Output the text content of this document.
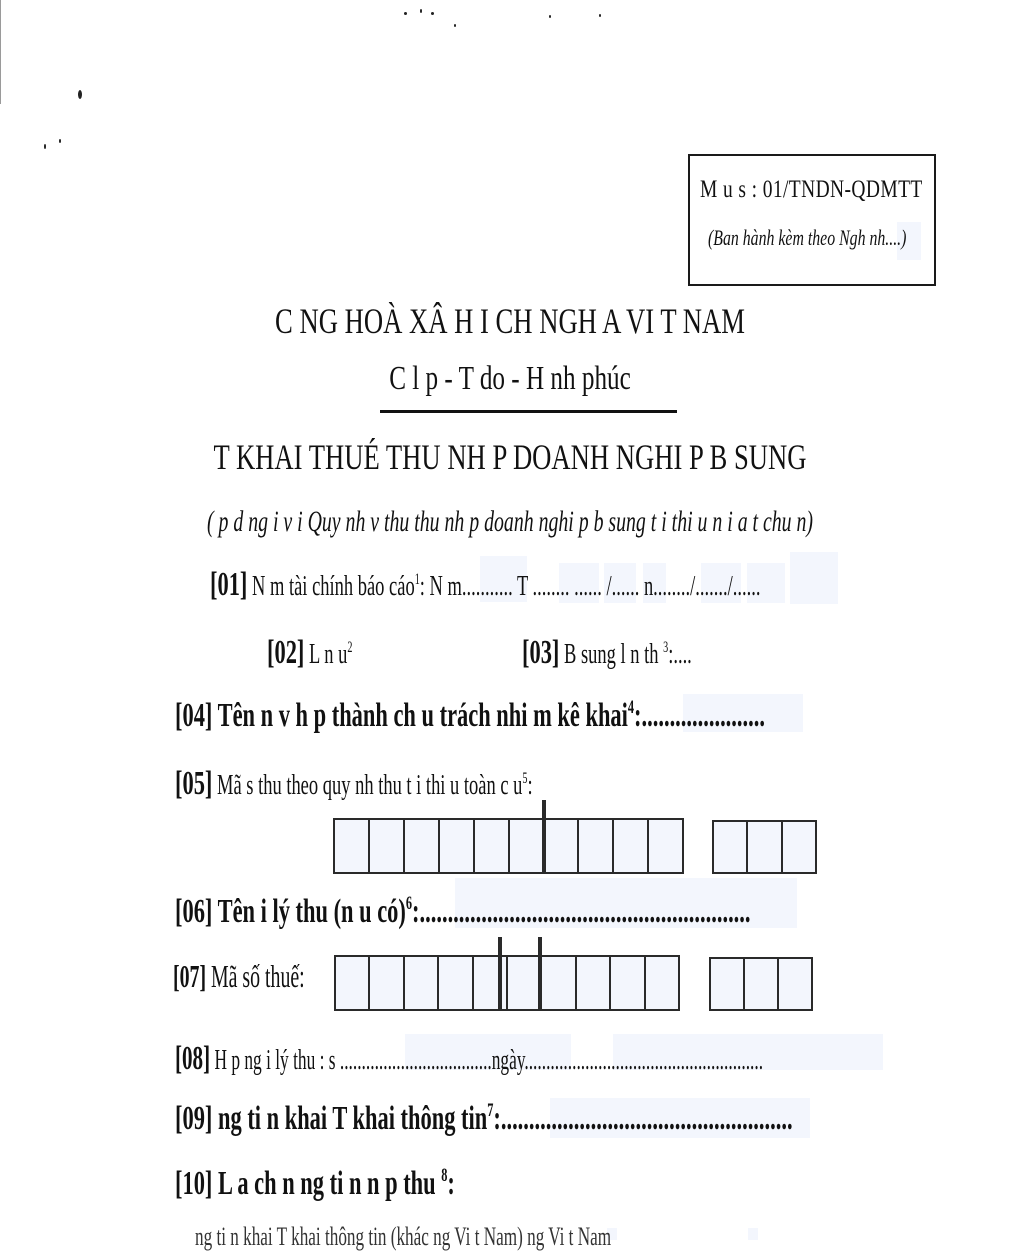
M u s : 01/TNDN-QDMTT
(Ban hành kèm theo Ngh nh....)
C NG HOÀ XÂ H I CH NGH A VI T NAM
C l p - T do - H nh phúc
T KHAI THUÉ THU NH P DOANH NGHI P B SUNG
( p d ng i v i Quy nh v thu thu nh p doanh nghi p b sung t i thi u n i a t chu n)
[01] N m tài chính báo cáo$^1$: N m........... T ........ ...... /...... n......../......./......
[02] L n $u^2$	[03] B sung l n th $^3$:....
[04] Tên n v h p thành ch u trách nhi m kê khai$^4$:......................
[05] Mã s thu theo quy nh thu t i thi u toàn c $u^5$:
[06] Tên i lý thu (n u có)$^6$:...........................................................
[07] Mã số thuế:
[08] H p ng i lý thu : s ...................................ngày.......................................................
[09] ng ti n khai T khai thông tin$^7$:....................................................
[10] L a ch n ng ti n n p thu $^8$:
ng ti n khai T khai thông tin (khác ng Vi t Nam) ng Vi t Nam
